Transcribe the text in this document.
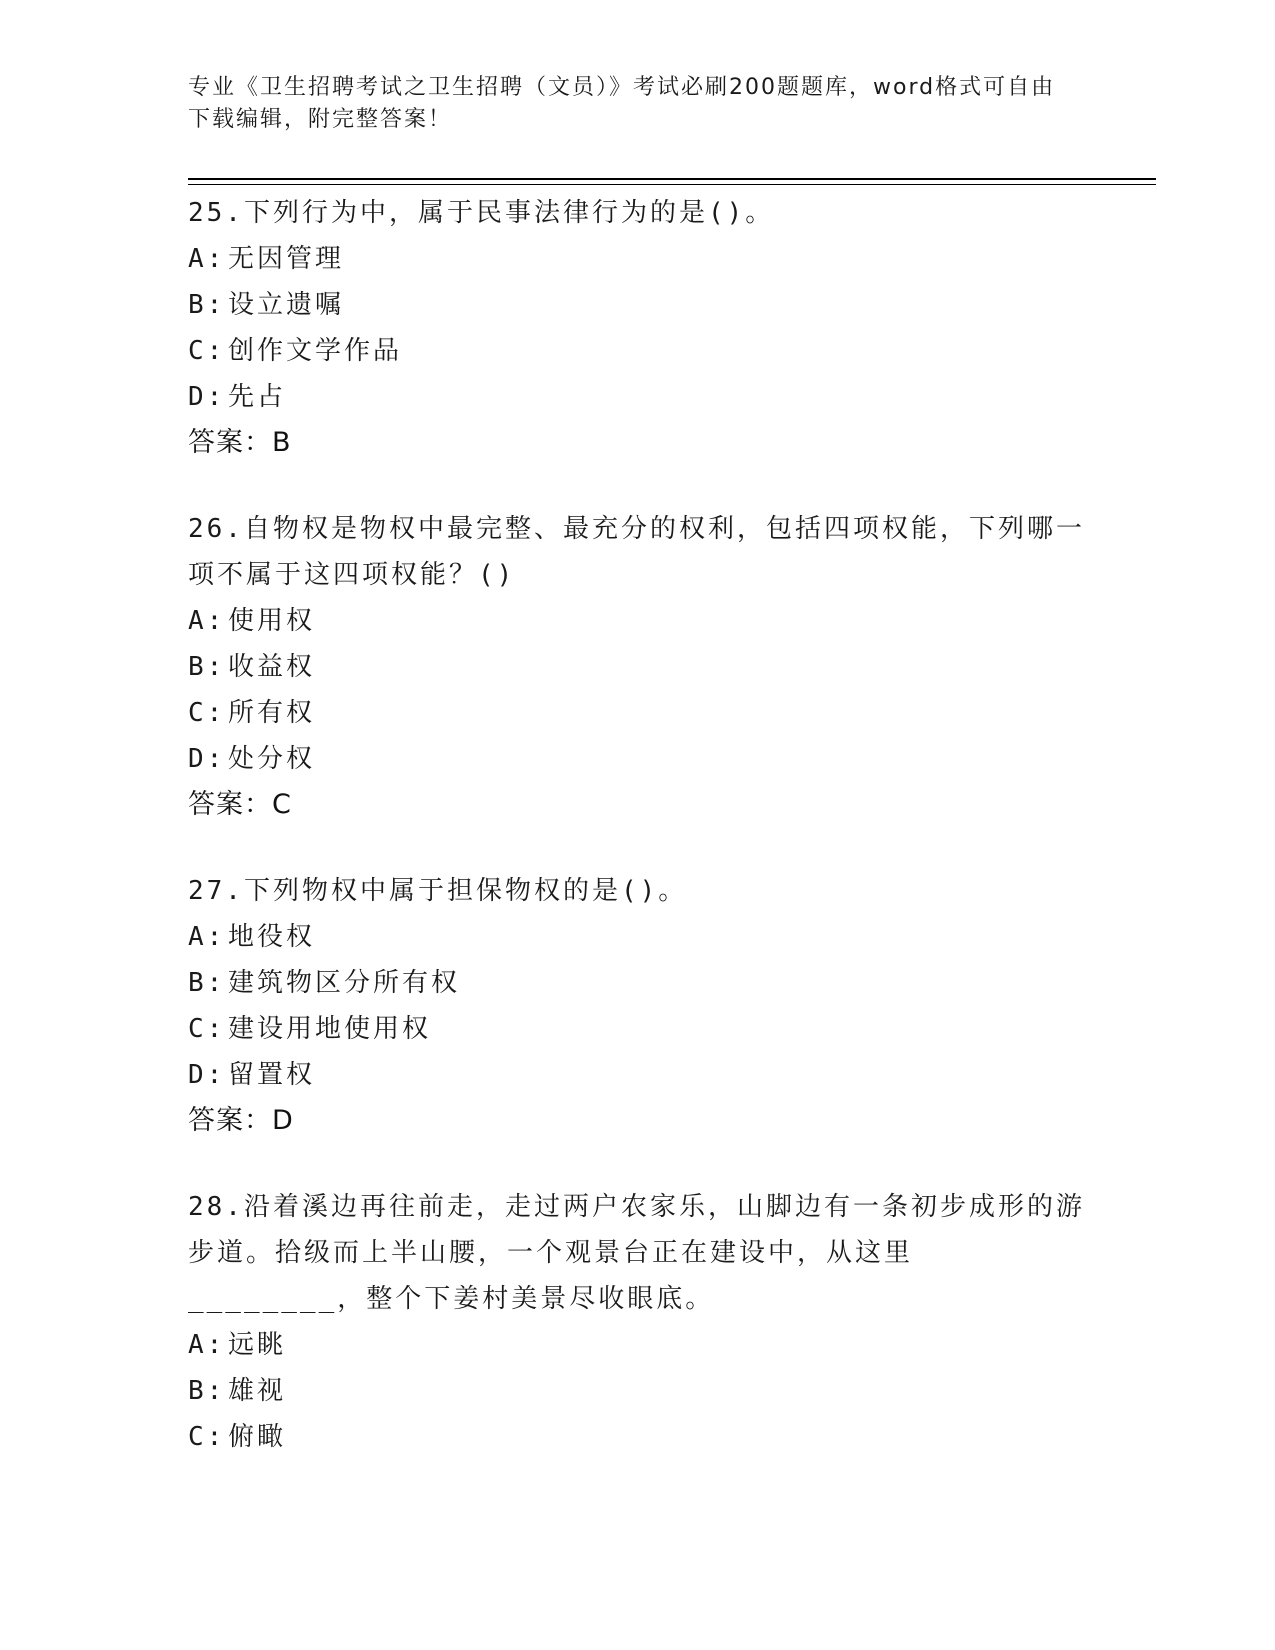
专业《卫生招聘考试之卫生招聘（文员）》考试必刷200题题库，word格式可自由下载编辑，附完整答案！
25.下列行为中，属于民事法律行为的是()。
A: 无因管理
B: 设立遗嘱
C: 创作文学作品
D: 先占
答案：B
26.自物权是物权中最完整、最充分的权利，包括四项权能，下列哪一项不属于这四项权能？()
A: 使用权
B: 收益权
C: 所有权
D: 处分权
答案：C
27.下列物权中属于担保物权的是()。
A: 地役权
B: 建筑物区分所有权
C: 建设用地使用权
D: 留置权
答案：D
28.沿着溪边再往前走，走过两户农家乐，山脚边有一条初步成形的游步道。拾级而上半山腰，一个观景台正在建设中，从这里________，整个下姜村美景尽收眼底。
A: 远眺
B: 雄视
C: 俯瞰
